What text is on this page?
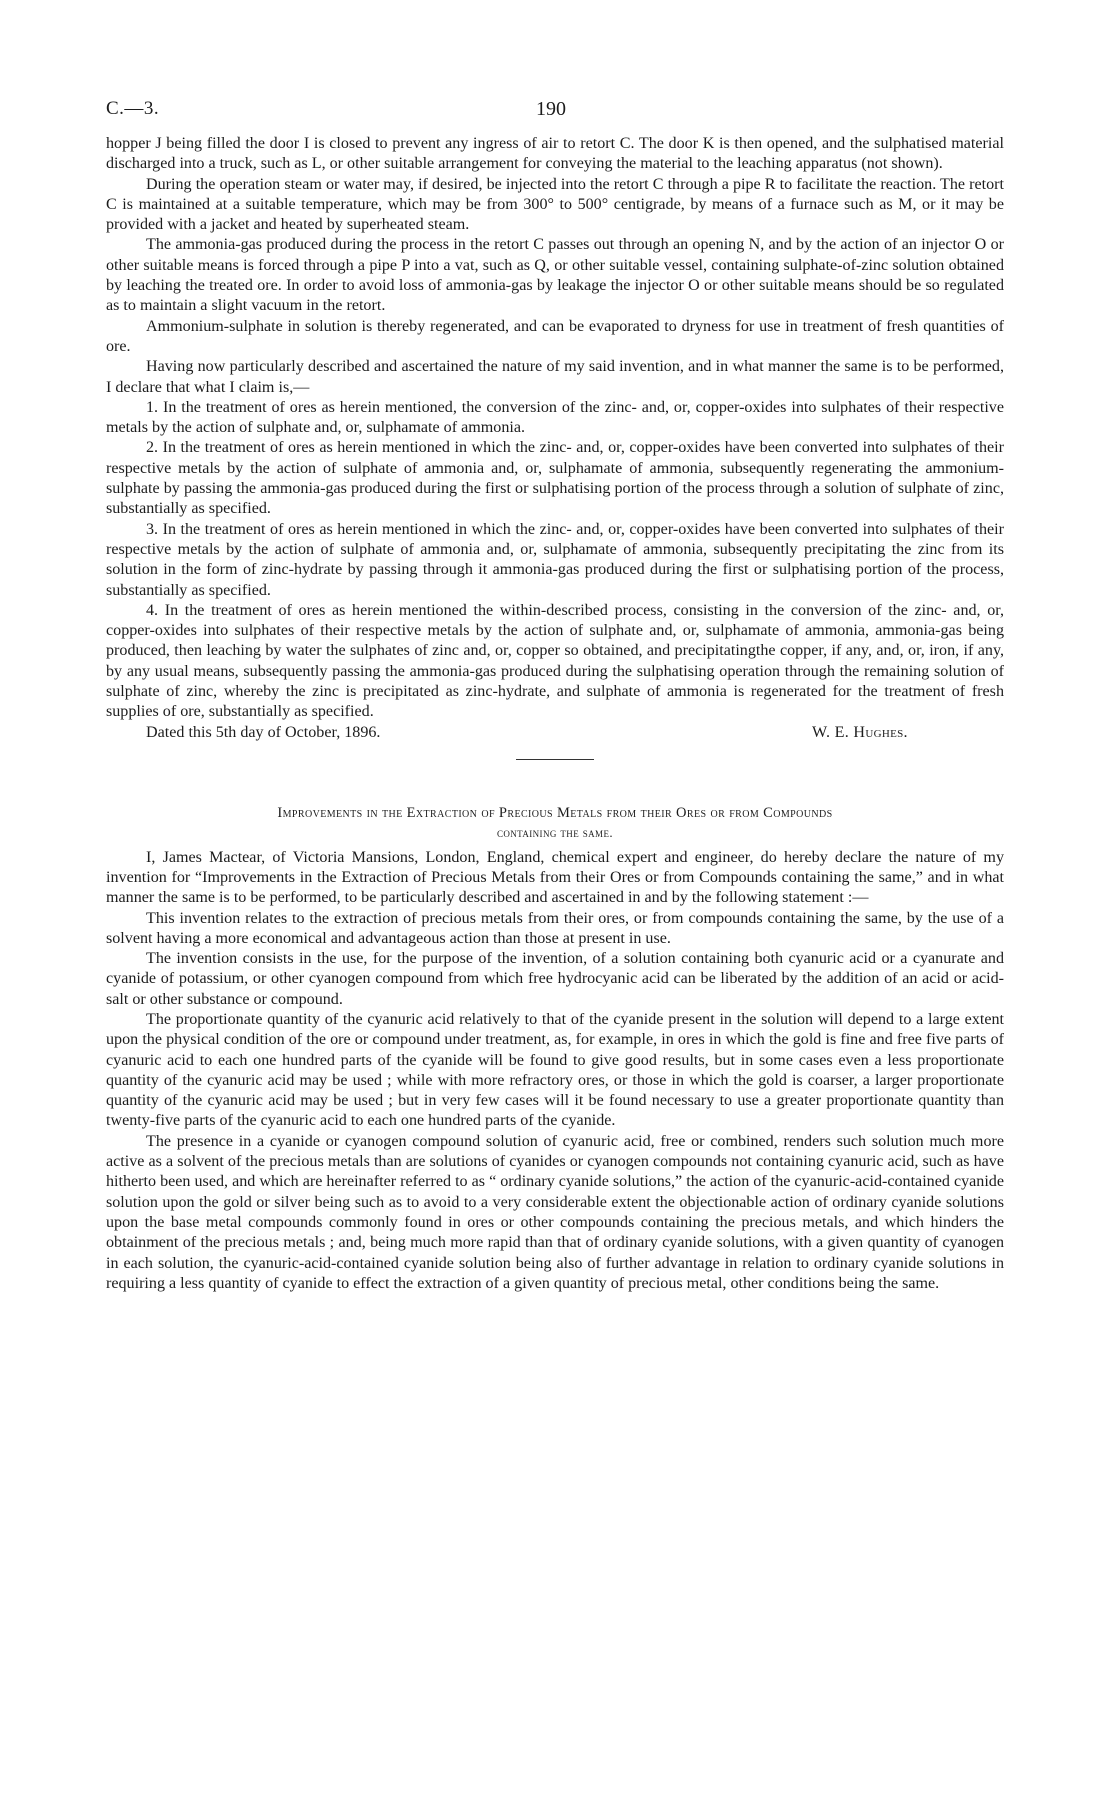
C.—3.	190

hopper J being filled the door I is closed to prevent any ingress of air to retort C. The door K is then opened, and the sulphatised material discharged into a truck, such as L, or other suitable arrangement for conveying the material to the leaching apparatus (not shown).

During the operation steam or water may, if desired, be injected into the retort C through a pipe R to facilitate the reaction. The retort C is maintained at a suitable temperature, which may be from 300° to 500° centigrade, by means of a furnace such as M, or it may be provided with a jacket and heated by superheated steam.

The ammonia-gas produced during the process in the retort C passes out through an opening N, and by the action of an injector O or other suitable means is forced through a pipe P into a vat, such as Q, or other suitable vessel, containing sulphate-of-zinc solution obtained by leaching the treated ore. In order to avoid loss of ammonia-gas by leakage the injector O or other suitable means should be so regulated as to maintain a slight vacuum in the retort.

Ammonium-sulphate in solution is thereby regenerated, and can be evaporated to dryness for use in treatment of fresh quantities of ore.

Having now particularly described and ascertained the nature of my said invention, and in what manner the same is to be performed, I declare that what I claim is,—

1. In the treatment of ores as herein mentioned, the conversion of the zinc- and, or, copper-oxides into sulphates of their respective metals by the action of sulphate and, or, sulphamate of ammonia.

2. In the treatment of ores as herein mentioned in which the zinc- and, or, copper-oxides have been converted into sulphates of their respective metals by the action of sulphate of ammonia and, or, sulphamate of ammonia, subsequently regenerating the ammonium-sulphate by passing the ammonia-gas produced during the first or sulphatising portion of the process through a solution of sulphate of zinc, substantially as specified.

3. In the treatment of ores as herein mentioned in which the zinc- and, or, copper-oxides have been converted into sulphates of their respective metals by the action of sulphate of ammonia and, or, sulphamate of ammonia, subsequently precipitating the zinc from its solution in the form of zinc-hydrate by passing through it ammonia-gas produced during the first or sulphatising portion of the process, substantially as specified.

4. In the treatment of ores as herein mentioned the within-described process, consisting in the conversion of the zinc- and, or, copper-oxides into sulphates of their respective metals by the action of sulphate and, or, sulphamate of ammonia, ammonia-gas being produced, then leaching by water the sulphates of zinc and, or, copper so obtained, and precipitatingthe copper, if any, and, or, iron, if any, by any usual means, subsequently passing the ammonia-gas produced during the sulphatising operation through the remaining solution of sulphate of zinc, whereby the zinc is precipitated as zinc-hydrate, and sulphate of ammonia is regenerated for the treatment of fresh supplies of ore, substantially as specified.

Dated this 5th day of October, 1896.	W. E. Hughes.
Improvements in the Extraction of Precious Metals from their Ores or from Compounds
containing the same.

I, James Mactear, of Victoria Mansions, London, England, chemical expert and engineer, do hereby declare the nature of my invention for “Improvements in the Extraction of Precious Metals from their Ores or from Compounds containing the same,” and in what manner the same is to be performed, to be particularly described and ascertained in and by the following statement :—

This invention relates to the extraction of precious metals from their ores, or from compounds containing the same, by the use of a solvent having a more economical and advantageous action than those at present in use.

The invention consists in the use, for the purpose of the invention, of a solution containing both cyanuric acid or a cyanurate and cyanide of potassium, or other cyanogen compound from which free hydrocyanic acid can be liberated by the addition of an acid or acid-salt or other substance or compound.

The proportionate quantity of the cyanuric acid relatively to that of the cyanide present in the solution will depend to a large extent upon the physical condition of the ore or compound under treatment, as, for example, in ores in which the gold is fine and free five parts of cyanuric acid to each one hundred parts of the cyanide will be found to give good results, but in some cases even a less proportionate quantity of the cyanuric acid may be used ; while with more refractory ores, or those in which the gold is coarser, a larger proportionate quantity of the cyanuric acid may be used ; but in very few cases will it be found necessary to use a greater proportionate quantity than twenty-five parts of the cyanuric acid to each one hundred parts of the cyanide.

The presence in a cyanide or cyanogen compound solution of cyanuric acid, free or combined, renders such solution much more active as a solvent of the precious metals than are solutions of cyanides or cyanogen compounds not containing cyanuric acid, such as have hitherto been used, and which are hereinafter referred to as “ ordinary cyanide solutions,” the action of the cyanuric-acid-contained cyanide solution upon the gold or silver being such as to avoid to a very considerable extent the objectionable action of ordinary cyanide solutions upon the base metal compounds commonly found in ores or other compounds containing the precious metals, and which hinders the obtainment of the precious metals ; and, being much more rapid than that of ordinary cyanide solutions, with a given quantity of cyanogen in each solution, the cyanuric-acid-contained cyanide solution being also of further advantage in relation to ordinary cyanide solutions in requiring a less quantity of cyanide to effect the extraction of a given quantity of precious metal, other conditions being the same.
